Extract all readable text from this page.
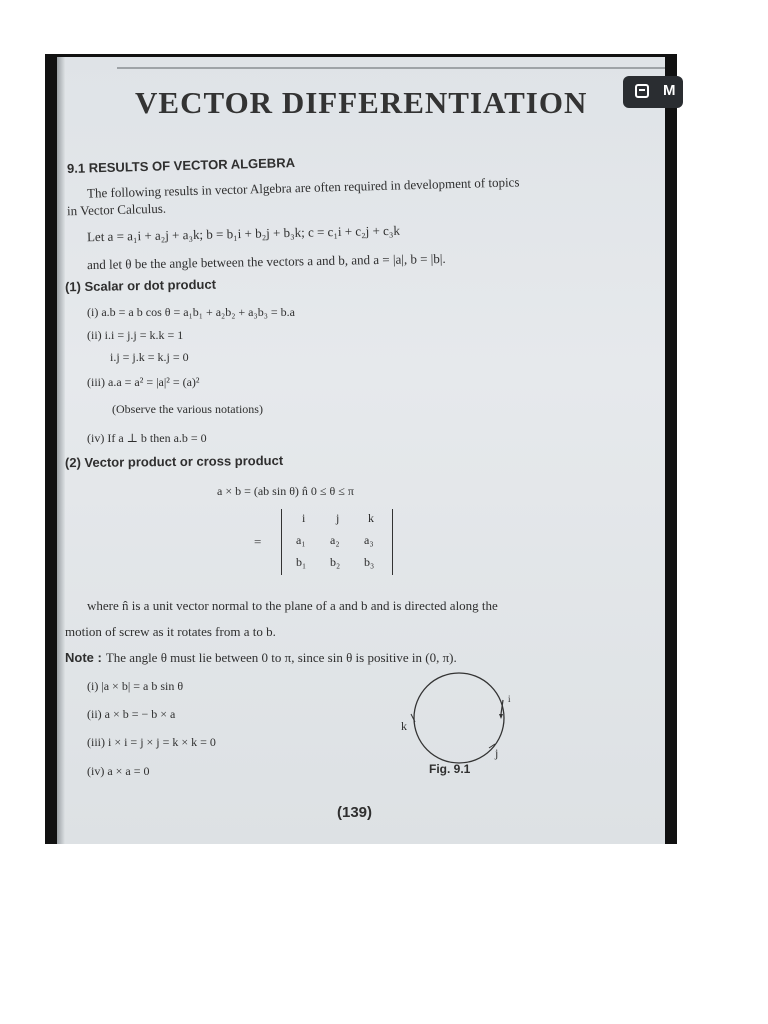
VECTOR DIFFERENTIATION
9.1 RESULTS OF VECTOR ALGEBRA
The following results in vector Algebra are often required in development of topics
in Vector Calculus.
Let a = a₁i + a₂j + a₃k; b = b₁i + b₂j + b₃k; c = c₁i + c₂j + c₃k
and let θ be the angle between the vectors a and b, and a = |a|, b = |b|.
(1) Scalar or dot product
(i) a.b = a b cos θ = a₁b₁ + a₂b₂ + a₃b₃ = b.a
(ii) i.i = j.j = k.k = 1
i.j = j.k = k.j = 0
(iii) a.a = a² = |a|² = (a)²
(Observe the various notations)
(iv) If a ⊥ b then a.b = 0
(2) Vector product or cross product
a × b = (ab sin θ) n̂ 0 ≤ θ ≤ π
=
i	j k
a₁ a₂ a₃
b₁ b₂ b₃
where n̂ is a unit vector normal to the plane of a and b and is directed along the
motion of screw as it rotates from a to b.
Note : The angle θ must lie between 0 to π, since sin θ is positive in (0, π).
(i) |a × b| = a b sin θ
(ii) a × b = − b × a
(iii) i × i = j × j = k × k = 0
(iv) a × a = 0
k
j
i
Fig. 9.1
(139)
M
